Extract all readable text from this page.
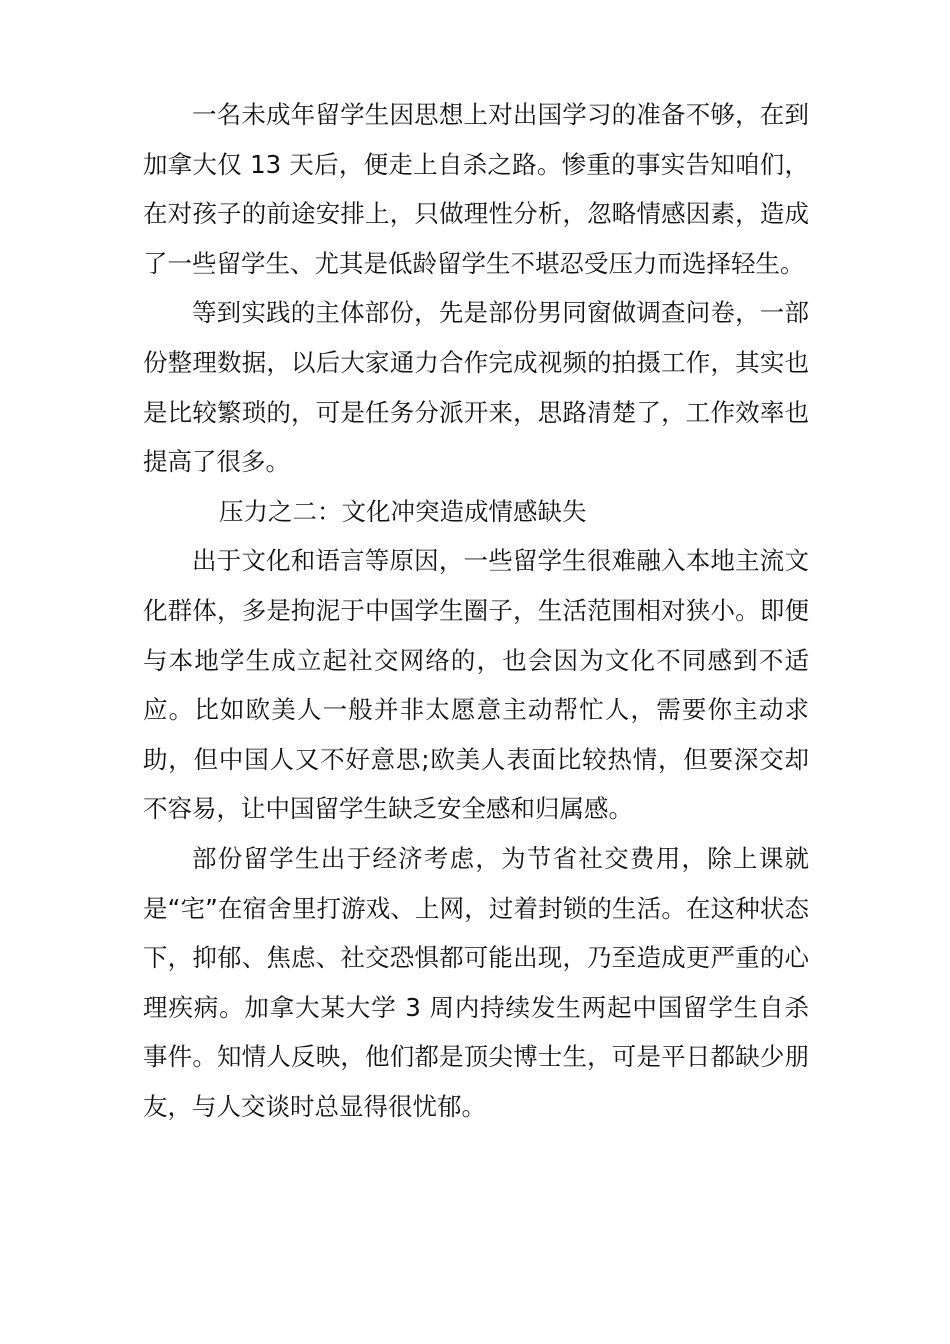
一名未成年留学生因思想上对出国学习的准备不够，在到加拿大仅 13 天后，便走上自杀之路。惨重的事实告知咱们，在对孩子的前途安排上，只做理性分析，忽略情感因素，造成了一些留学生、尤其是低龄留学生不堪忍受压力而选择轻生。

等到实践的主体部份，先是部份男同窗做调查问卷，一部份整理数据，以后大家通力合作完成视频的拍摄工作，其实也是比较繁琐的，可是任务分派开来，思路清楚了，工作效率也提高了很多。

压力之二：文化冲突造成情感缺失

出于文化和语言等原因，一些留学生很难融入本地主流文化群体，多是拘泥于中国学生圈子，生活范围相对狭小。即便与本地学生成立起社交网络的，也会因为文化不同感到不适应。比如欧美人一般并非太愿意主动帮忙人，需要你主动求助，但中国人又不好意思;欧美人表面比较热情，但要深交却不容易，让中国留学生缺乏安全感和归属感。

部份留学生出于经济考虑，为节省社交费用，除上课就是“宅”在宿舍里打游戏、上网，过着封锁的生活。在这种状态下，抑郁、焦虑、社交恐惧都可能出现，乃至造成更严重的心理疾病。加拿大某大学 3 周内持续发生两起中国留学生自杀事件。知情人反映，他们都是顶尖博士生，可是平日都缺少朋友，与人交谈时总显得很忧郁。
